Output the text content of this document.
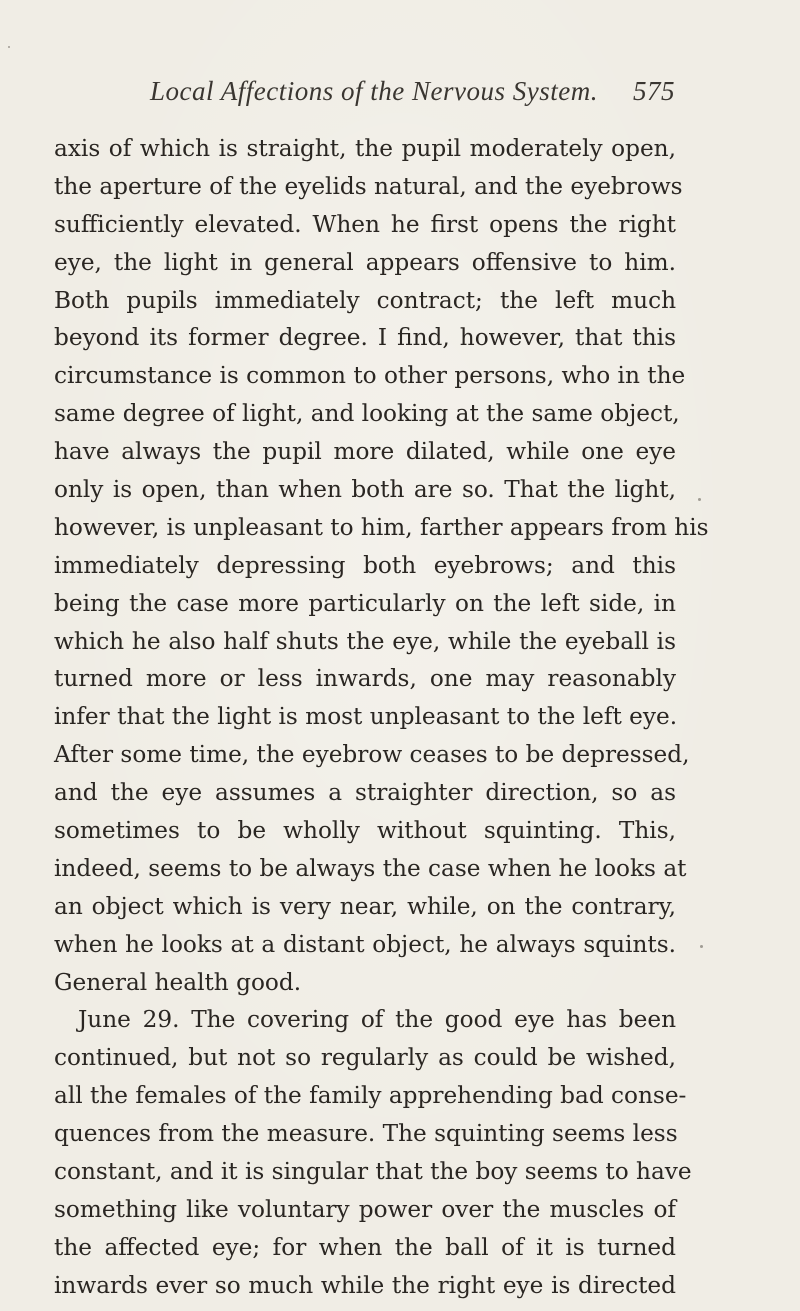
Local Affections of the Nervous System. 575
axis of which is straight, the pupil moderately open,
the aperture of the eyelids natural, and the eyebrows
sufficiently elevated. When he first opens the right
eye, the light in general appears offensive to him.
Both pupils immediately contract; the left much
beyond its former degree. I find, however, that this
circumstance is common to other persons, who in the
same degree of light, and looking at the same object,
have always the pupil more dilated, while one eye
only is open, than when both are so. That the light,
however, is unpleasant to him, farther appears from his
immediately depressing both eyebrows; and this
being the case more particularly on the left side, in
which he also half shuts the eye, while the eyeball is
turned more or less inwards, one may reasonably
infer that the light is most unpleasant to the left eye.
After some time, the eyebrow ceases to be depressed,
and the eye assumes a straighter direction, so as
sometimes to be wholly without squinting. This,
indeed, seems to be always the case when he looks at
an object which is very near, while, on the contrary,
when he looks at a distant object, he always squints.
General health good.
June 29. The covering of the good eye has been
continued, but not so regularly as could be wished,
all the females of the family apprehending bad conse-
quences from the measure. The squinting seems less
constant, and it is singular that the boy seems to have
something like voluntary power over the muscles of
the affected eye; for when the ball of it is turned
inwards ever so much while the right eye is directed
